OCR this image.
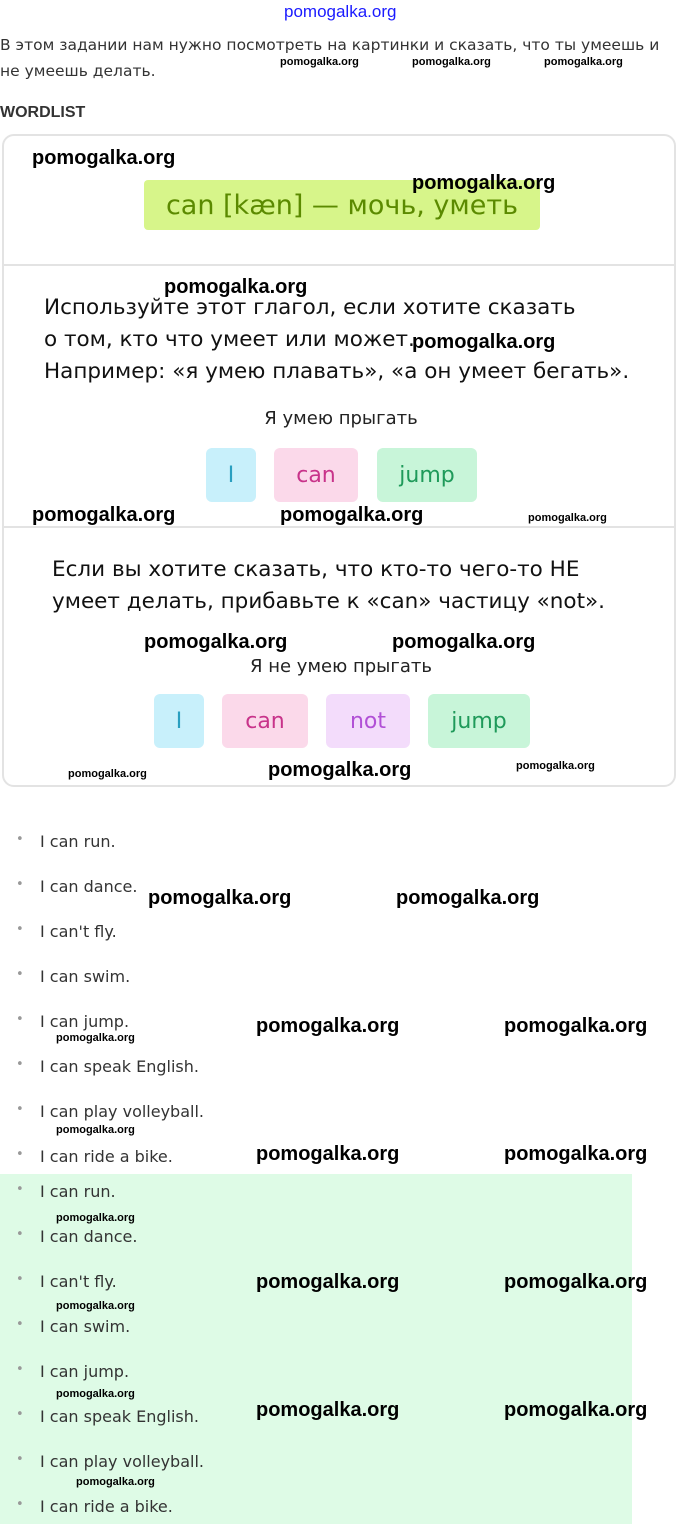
pomogalka.org
В этом задании нам нужно посмотреть на картинки и сказать, что ты умеешь и
не умеешь делать.
WORDLIST
can [kæn] — мочь, уметь
Используйте этот глагол, если хотите сказать
о том, кто что умеет или может.
Например: «я умею плавать», «а он умеет бегать».
Я умею прыгать
I	can	jump
Если вы хотите сказать, что кто-то чего-то НЕ
умеет делать, прибавьте к «can» частицу «not».
Я не умею прыгать
I	can	not	jump
• I can run.
• I can dance.
• I can't fly.
• I can swim.
• I can jump.
• I can speak English.
• I can play volleyball.
• I can ride a bike.
• I can run.
• I can dance.
• I can't fly.
• I can swim.
• I can jump.
• I can speak English.
• I can play volleyball.
• I can ride a bike.
pomogalka.org	pomogalka.org	pomogalka.org
pomogalka.org
pomogalka.org
pomogalka.org
pomogalka.org
pomogalka.org	pomogalka.org	pomogalka.org
pomogalka.org	pomogalka.org
pomogalka.org	pomogalka.org	pomogalka.org
pomogalka.org	pomogalka.org
pomogalka.org	pomogalka.org
pomogalka.org
pomogalka.org
pomogalka.org	pomogalka.org
pomogalka.org
pomogalka.org	pomogalka.org
pomogalka.org
pomogalka.org
pomogalka.org	pomogalka.org
pomogalka.org
